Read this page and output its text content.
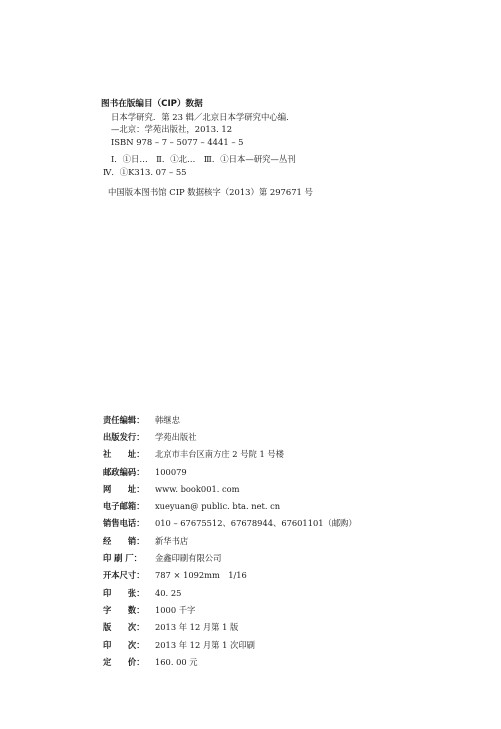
图书在版编目（CIP）数据
日本学研究．第 23 辑／北京日本学研究中心编．
—北京：学苑出版社，2013. 12
ISBN 978 – 7 – 5077 – 4441 – 5
Ⅰ．①日…　Ⅱ．①北…　Ⅲ．①日本—研究—丛刊
Ⅳ．①K313. 07 – 55
中国版本图书馆 CIP 数据核字（2013）第 297671 号
责任编辑：	韩继忠
出版发行：	学苑出版社
社　　址：	北京市丰台区南方庄 2 号院 1 号楼
邮政编码：	100079
网　　址：	www. book001. com
电子邮箱：	xueyuan@ public. bta. net. cn
销售电话：	010 – 67675512、67678944、67601101（邮购）
经　　销：	新华书店
印 刷 厂：	金鑫印刷有限公司
开本尺寸：	787 × 1092mm　1/16
印　　张：	40. 25
字　　数：	1000 千字
版　　次：	2013 年 12 月第 1 版
印　　次：	2013 年 12 月第 1 次印刷
定　　价：	160. 00 元
